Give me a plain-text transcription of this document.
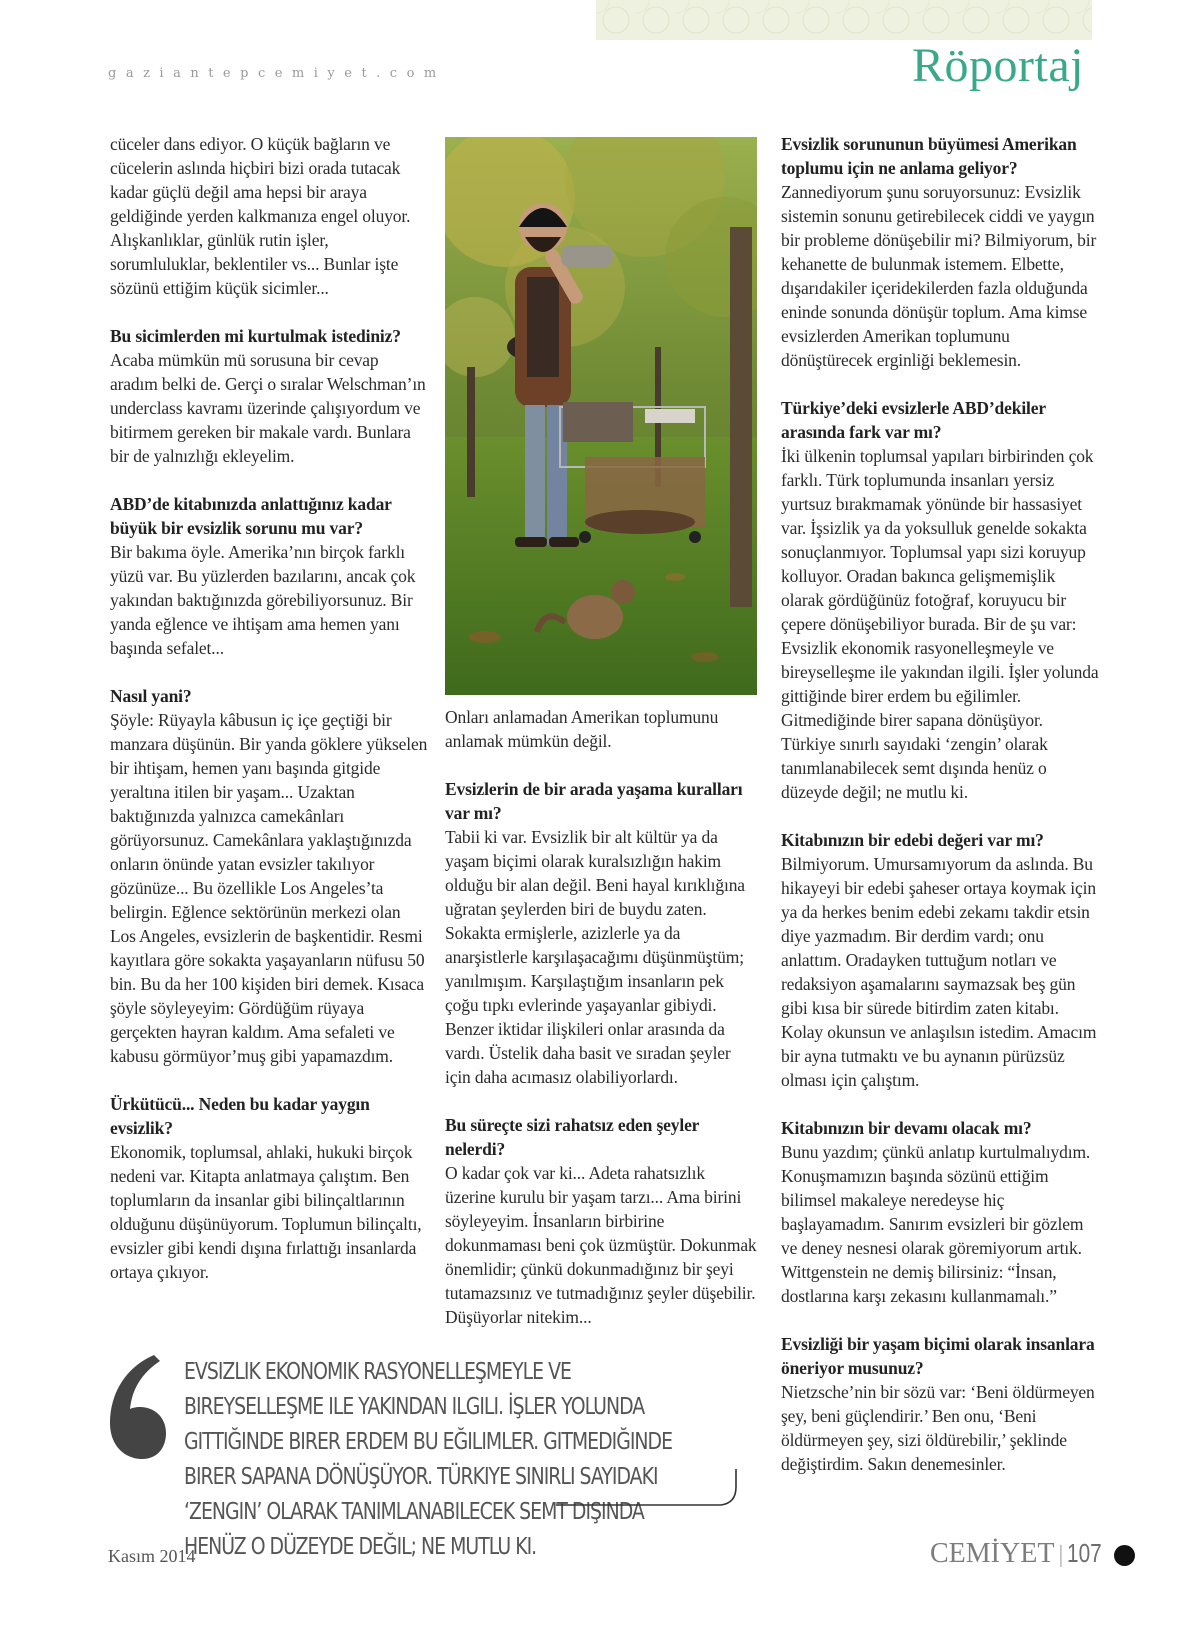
gaziantepcemiyet.com	Röportaj

cüceler dans ediyor. O küçük bağların ve cücelerin aslında hiçbiri bizi orada tutacak kadar güçlü değil ama hepsi bir araya geldiğinde yerden kalkmanıza engel oluyor. Alışkanlıklar, günlük rutin işler, sorumluluklar, beklentiler vs... Bunlar işte sözünü ettiğim küçük sicimler...

Bu sicimlerden mi kurtulmak istediniz?

Acaba mümkün mü sorusuna bir cevap aradım belki de. Gerçi o sıralar Welschman’ın underclass kavramı üzerinde çalışıyordum ve bitirmem gereken bir makale vardı. Bunlara bir de yalnızlığı ekleyelim.

ABD’de kitabınızda anlattığınız kadar büyük bir evsizlik sorunu mu var?

Bir bakıma öyle. Amerika’nın birçok farklı yüzü var. Bu yüzlerden bazılarını, ancak çok yakından baktığınızda görebiliyorsunuz. Bir yanda eğlence ve ihtişam ama hemen yanı başında sefalet...

Nasıl yani?

Şöyle: Rüyayla kâbusun iç içe geçtiği bir manzara düşünün. Bir yanda göklere yükselen bir ihtişam, hemen yanı başında gitgide yeraltına itilen bir yaşam... Uzaktan baktığınızda yalnızca camekânları görüyorsunuz. Camekânlara yaklaştığınızda onların önünde yatan evsizler takılıyor gözünüze... Bu özellikle Los Angeles’ta belirgin. Eğlence sektörünün merkezi olan Los Angeles, evsizlerin de başkentidir. Resmi kayıtlara göre sokakta yaşayanların nüfusu 50 bin. Bu da her 100 kişiden biri demek. Kısaca şöyle söyleyeyim: Gördüğüm rüyaya gerçekten hayran kaldım. Ama sefaleti ve kabusu görmüyor’muş gibi yapamazdım.

Ürkütücü... Neden bu kadar yaygın evsizlik?

Ekonomik, toplumsal, ahlaki, hukuki birçok nedeni var. Kitapta anlatmaya çalıştım. Ben toplumların da insanlar gibi bilinçaltlarının olduğunu düşünüyorum. Toplumun bilinçaltı, evsizler gibi kendi dışına fırlattığı insanlarda ortaya çıkıyor.

Onları anlamadan Amerikan toplumunu anlamak mümkün değil.

Evsizlerin de bir arada yaşama kuralları var mı?

Tabii ki var. Evsizlik bir alt kültür ya da yaşam biçimi olarak kuralsızlığın hakim olduğu bir alan değil. Beni hayal kırıklığına uğratan şeylerden biri de buydu zaten. Sokakta ermişlerle, azizlerle ya da anarşistlerle karşılaşacağımı düşünmüştüm; yanılmışım. Karşılaştığım insanların pek çoğu tıpkı evlerinde yaşayanlar gibiydi. Benzer iktidar ilişkileri onlar arasında da vardı. Üstelik daha basit ve sıradan şeyler için daha acımasız olabiliyorlardı.

Bu süreçte sizi rahatsız eden şeyler nelerdi?

O kadar çok var ki... Adeta rahatsızlık üzerine kurulu bir yaşam tarzı... Ama birini söyleyeyim. İnsanların birbirine dokunmaması beni çok üzmüştür. Dokunmak önemlidir; çünkü dokunmadığınız bir şeyi tutamazsınız ve tutmadığınız şeyler düşebilir. Düşüyorlar nitekim...

Evsizlik sorununun büyümesi Amerikan toplumu için ne anlama geliyor?

Zannediyorum şunu soruyorsunuz: Evsizlik sistemin sonunu getirebilecek ciddi ve yaygın bir probleme dönüşebilir mi? Bilmiyorum, bir kehanette de bulunmak istemem. Elbette, dışarıdakiler içeridekilerden fazla olduğunda eninde sonunda dönüşür toplum. Ama kimse evsizlerden Amerikan toplumunu dönüştürecek erginliği beklemesin.

Türkiye’deki evsizlerle ABD’dekiler arasında fark var mı?

İki ülkenin toplumsal yapıları birbirinden çok farklı. Türk toplumunda insanları yersiz yurtsuz bırakmamak yönünde bir hassasiyet var. İşsizlik ya da yoksulluk genelde sokakta sonuçlanmıyor. Toplumsal yapı sizi koruyup kolluyor. Oradan bakınca gelişmemişlik olarak gördüğünüz fotoğraf, koruyucu bir çepere dönüşebiliyor burada. Bir de şu var: Evsizlik ekonomik rasyonelleşmeyle ve bireyselleşme ile yakından ilgili. İşler yolunda gittiğinde birer erdem bu eğilimler. Gitmediğinde birer sapana dönüşüyor. Türkiye sınırlı sayıdaki ‘zengin’ olarak tanımlanabilecek semt dışında henüz o düzeyde değil; ne mutlu ki.

Kitabınızın bir edebi değeri var mı?

Bilmiyorum. Umursamıyorum da aslında. Bu hikayeyi bir edebi şaheser ortaya koymak için ya da herkes benim edebi zekamı takdir etsin diye yazmadım. Bir derdim vardı; onu anlattım. Oradayken tuttuğum notları ve redaksiyon aşamalarını saymazsak beş gün gibi kısa bir sürede bitirdim zaten kitabı. Kolay okunsun ve anlaşılsın istedim. Amacım bir ayna tutmaktı ve bu aynanın pürüzsüz olması için çalıştım.

Kitabınızın bir devamı olacak mı?

Bunu yazdım; çünkü anlatıp kurtulmalıydım. Konuşmamızın başında sözünü ettiğim bilimsel makaleye neredeyse hiç başlayamadım. Sanırım evsizleri bir gözlem ve deney nesnesi olarak göremiyorum artık. Wittgenstein ne demiş bilirsiniz: “İnsan, dostlarına karşı zekasını kullanmamalı.”

Evsizliği bir yaşam biçimi olarak insanlara öneriyor musunuz?

Nietzsche’nin bir sözü var: ‘Beni öldürmeyen şey, beni güçlendirir.’ Ben onu, ‘Beni öldürmeyen şey, sizi öldürebilir,’ şeklinde değiştirdim. Sakın denemesinler.

EVSIZLIK EKONOMIK RASYONELLEŞMEYLE VE BIREYSELLEŞME ILE YAKINDAN ILGILI. İŞLER YOLUNDA GITTIĞINDE BIRER ERDEM BU EĞILIMLER. GITMEDIĞINDE BIRER SAPANA DÖNÜŞÜYOR. TÜRKIYE SINIRLI SAYIDAKI ‘ZENGIN’ OLARAK TANIMLANABILECEK SEMT DIŞINDA HENÜZ O DÜZEYDE DEĞIL; NE MUTLU KI.
Kasım 2014	CEMİYET | 107
